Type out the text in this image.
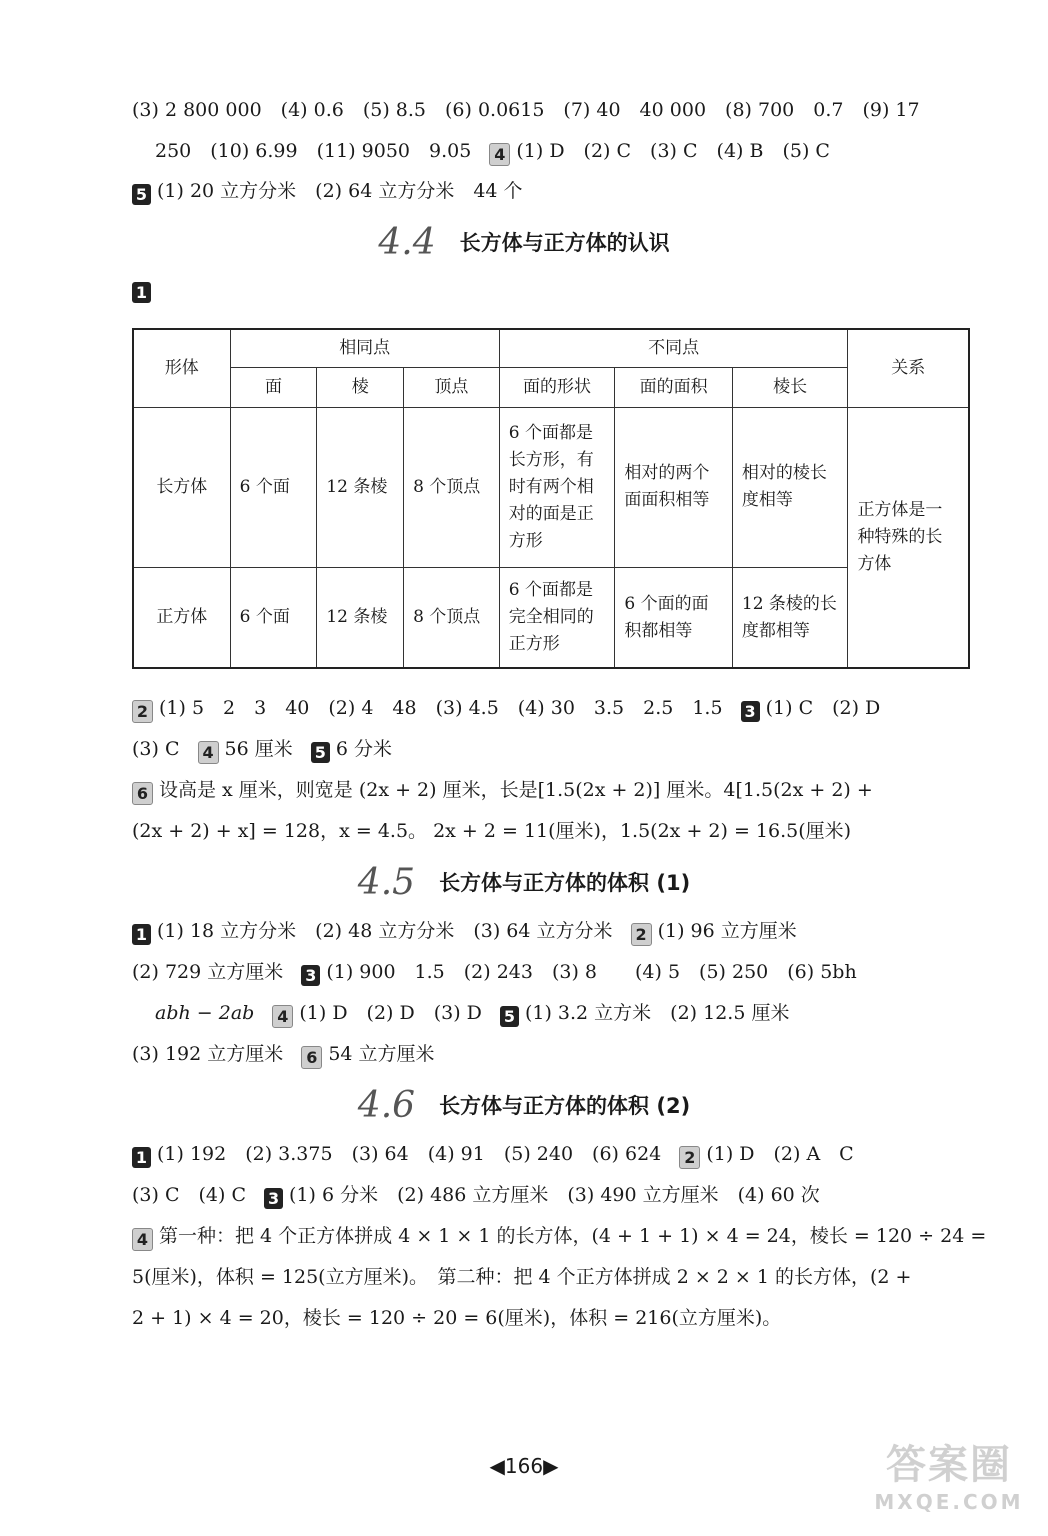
(3) 2 800 000　(4) 0.6　(5) 8.5　(6) 0.0615　(7) 40　40 000　(8) 700　0.7　(9) 17
250　(10) 6.99　(11) 9050　9.05 4 (1) D　(2) C　(3) C　(4) B　(5) C
5 (1) 20 立方分米　(2) 64 立方分米　44 个
4.4 长方体与正方体的认识
1
形体	相同点			不同点			关系
	面	棱	顶点	面的形状	面的面积	棱长	
长方体	6 个面	12 条棱	8 个顶点	6 个面都是长方形，有时有两个相对的面是正方形	相对的两个面面积相等	相对的棱长度相等	正方体是一种特殊的长方体
正方体	6 个面	12 条棱	8 个顶点	6 个面都是完全相同的正方形	6 个面的面积都相等	12 条棱的长度都相等	
2 (1) 5　2　3　40　(2) 4　48　(3) 4.5　(4) 30　3.5　2.5　1.5 3 (1) C　(2) D
(3) C 4 56 厘米 5 6 分米
6 设高是 x 厘米，则宽是 (2x + 2) 厘米，长是[1.5(2x + 2)] 厘米。4[1.5(2x + 2) +
(2x + 2) + x] = 128，x = 4.5。 2x + 2 = 11(厘米)，1.5(2x + 2) = 16.5(厘米)
4.5 长方体与正方体的体积 (1)
1 (1) 18 立方分米　(2) 48 立方分米　(3) 64 立方分米 2 (1) 96 立方厘米
(2) 729 立方厘米 3 (1) 900　1.5　(2) 243　(3) 8　　(4) 5　(5) 250　(6) 5bh
abh − 2ab 4 (1) D　(2) D　(3) D 5 (1) 3.2 立方米　(2) 12.5 厘米
(3) 192 立方厘米 6 54 立方厘米
4.6 长方体与正方体的体积 (2)
1 (1) 192　(2) 3.375　(3) 64　(4) 91　(5) 240　(6) 624 2 (1) D　(2) A　C
(3) C　(4) C 3 (1) 6 分米　(2) 486 立方厘米　(3) 490 立方厘米　(4) 60 次
4 第一种：把 4 个正方体拼成 4 × 1 × 1 的长方体，(4 + 1 + 1) × 4 = 24，棱长 = 120 ÷ 24 =
5(厘米)，体积 = 125(立方厘米)。　第二种：把 4 个正方体拼成 2 × 2 × 1 的长方体，(2 +
2 + 1) × 4 = 20，棱长 = 120 ÷ 20 = 6(厘米)，体积 = 216(立方厘米)。
◀166▶	答案圈
MXQE.COM
